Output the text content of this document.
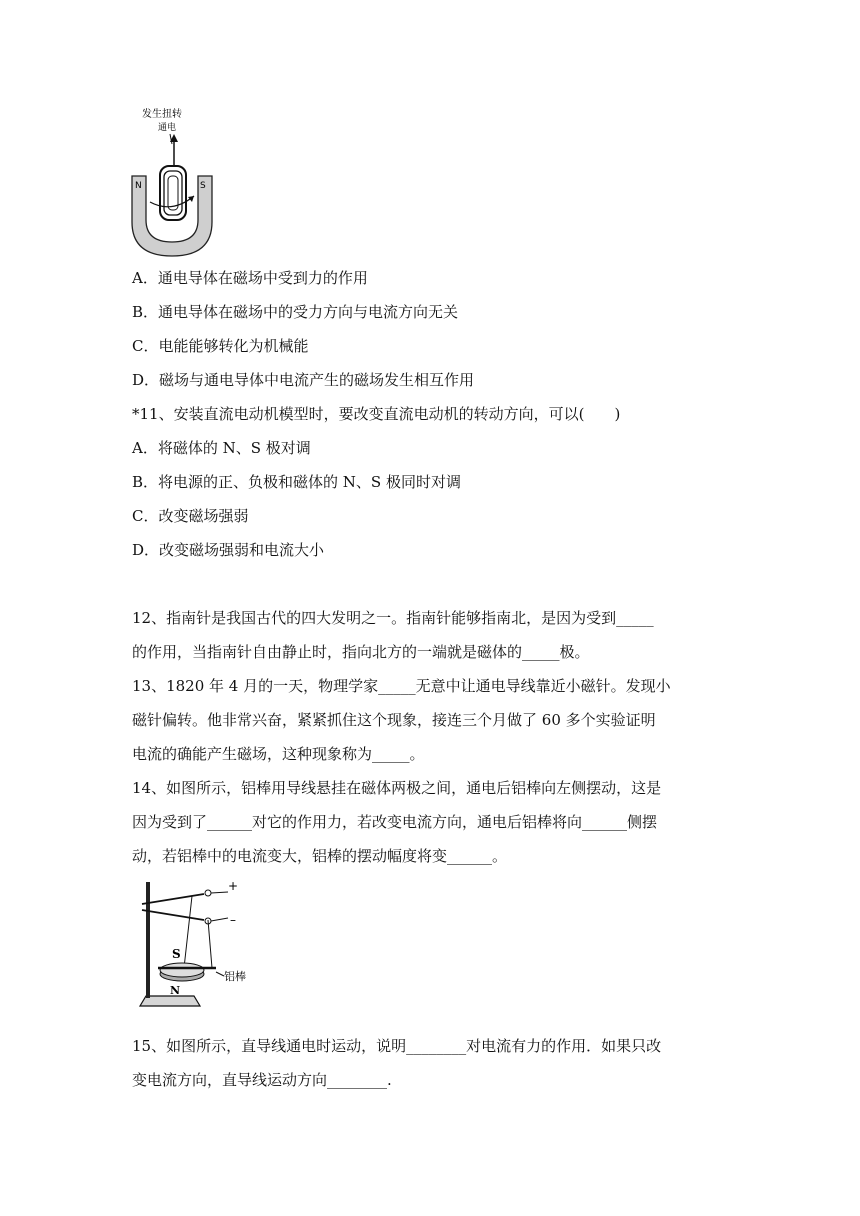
发生扭转
通电
N	S
A．通电导体在磁场中受到力的作用
B．通电导体在磁场中的受力方向与电流方向无关
C．电能能够转化为机械能
D．磁场与通电导体中电流产生的磁场发生相互作用
*11、安装直流电动机模型时，要改变直流电动机的转动方向，可以(　　)
A．将磁体的 N、S 极对调
B．将电源的正、负极和磁体的 N、S 极同时对调
C．改变磁场强弱
D．改变磁场强弱和电流大小
12、指南针是我国古代的四大发明之一。指南针能够指南北，是因为受到_____
的作用，当指南针自由静止时，指向北方的一端就是磁体的_____极。
13、1820 年 4 月的一天，物理学家_____无意中让通电导线靠近小磁针。发现小
磁针偏转。他非常兴奋，紧紧抓住这个现象，接连三个月做了 60 多个实验证明
电流的确能产生磁场，这种现象称为_____。
14、如图所示，铝棒用导线悬挂在磁体两极之间，通电后铝棒向左侧摆动，这是
因为受到了______对它的作用力，若改变电流方向，通电后铝棒将向______侧摆
动，若铝棒中的电流变大，铝棒的摆动幅度将变______。
+
–
S
N
铝棒
15、如图所示，直导线通电时运动，说明________对电流有力的作用．如果只改
变电流方向，直导线运动方向________.
